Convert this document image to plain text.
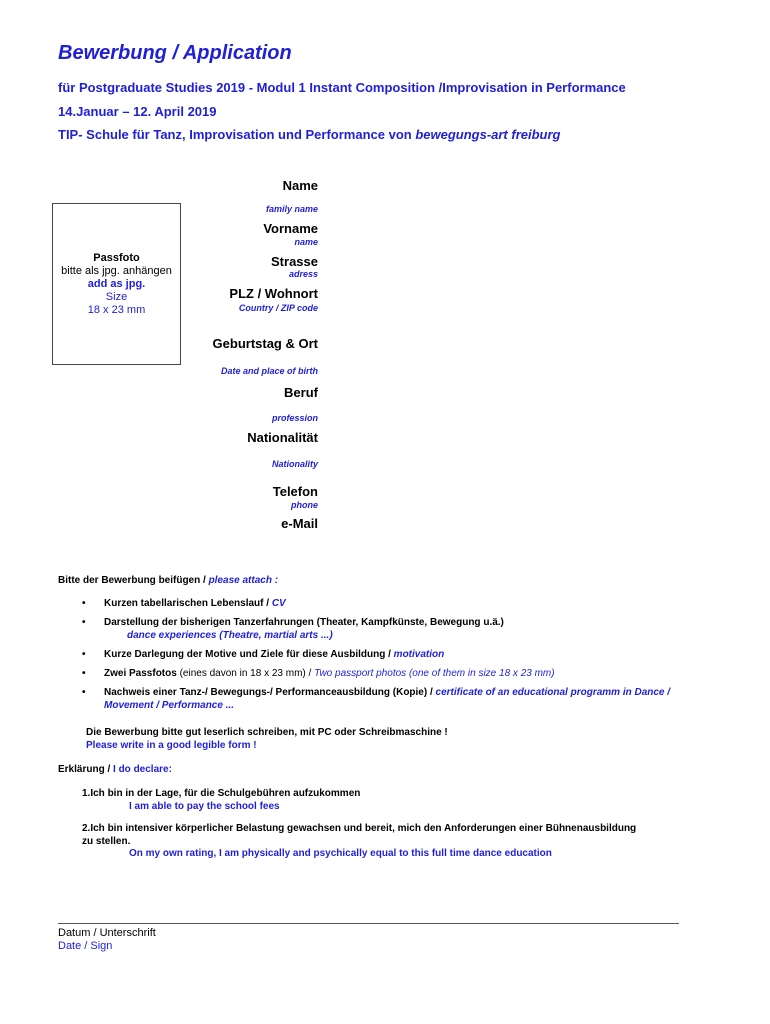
Bewerbung / Application
für Postgraduate Studies 2019 - Modul 1 Instant Composition /Improvisation in Performance
14.Januar – 12. April 2019
TIP- Schule für Tanz, Improvisation und Performance von bewegungs-art freiburg
Passfoto
bitte als jpg. anhängen
add as jpg.
Size
18 x 23 mm
Name
family name
Vorname
name
Strasse
adress
PLZ / Wohnort
Country / ZIP code
Geburtstag & Ort
Date and place of birth
Beruf
profession
Nationalität
Nationality
Telefon
phone
e-Mail
Bitte der Bewerbung beifügen / please attach :
• Kurzen tabellarischen Lebenslauf / CV
• Darstellung der bisherigen Tanzerfahrungen (Theater, Kampfkünste, Bewegung u.ä.)
dance experiences (Theatre, martial arts ...)
• Kurze Darlegung der Motive und Ziele für diese Ausbildung / motivation
• Zwei Passfotos (eines davon in 18 x 23 mm) / Two passport photos (one of them in size 18 x 23 mm)
• Nachweis einer Tanz-/ Bewegungs-/ Performanceausbildung (Kopie) / certificate of an educational programm in Dance / Movement / Performance ...
Die Bewerbung bitte gut leserlich schreiben, mit PC oder Schreibmaschine !
Please write in a good legible form !
Erklärung / I do declare:
1.Ich bin in der Lage, für die Schulgebühren aufzukommen
I am able to pay the school fees
2.Ich bin intensiver körperlicher Belastung gewachsen und bereit, mich den Anforderungen einer Bühnenausbildung zu stellen.
On my own rating, I am physically and psychically equal to this full time dance education
Datum / Unterschrift
Date / Sign
